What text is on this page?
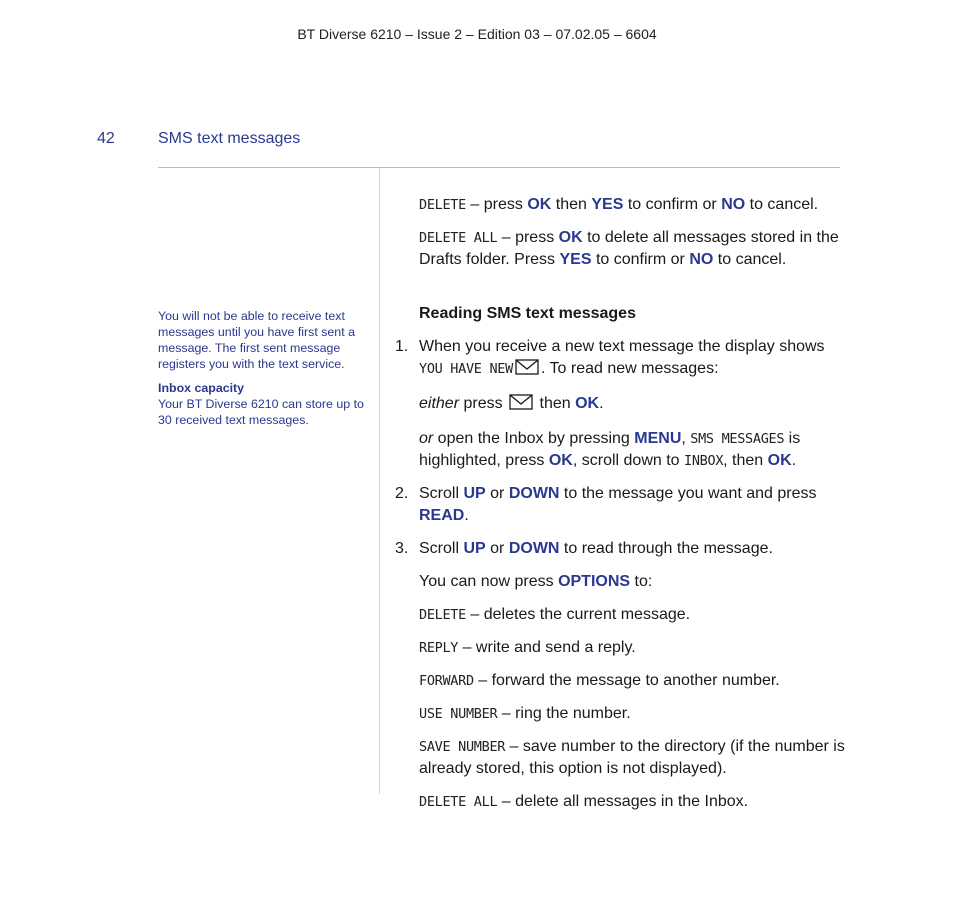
BT Diverse 6210 – Issue 2 – Edition 03 – 07.02.05 – 6604
42	SMS text messages

You will not be able to receive text messages until you have first sent a message. The first sent message registers you with the text service.

Inbox capacity

Your BT Diverse 6210 can store up to 30 received text messages.

DELETE – press OK then YES to confirm or NO to cancel.

DELETE ALL – press OK to delete all messages stored in the Drafts folder. Press YES to confirm or NO to cancel.

Reading SMS text messages

1. When you receive a new text message the display shows YOU HAVE NEW . To read new messages:

either press  then OK.

or open the Inbox by pressing MENU, SMS MESSAGES is highlighted, press OK, scroll down to INBOX, then OK.

2. Scroll UP or DOWN to the message you want and press READ.

3. Scroll UP or DOWN to read through the message.

You can now press OPTIONS to:

DELETE – deletes the current message.

REPLY – write and send a reply.

FORWARD – forward the message to another number.

USE NUMBER – ring the number.

SAVE NUMBER – save number to the directory (if the number is already stored, this option is not displayed).

DELETE ALL – delete all messages in the Inbox.
